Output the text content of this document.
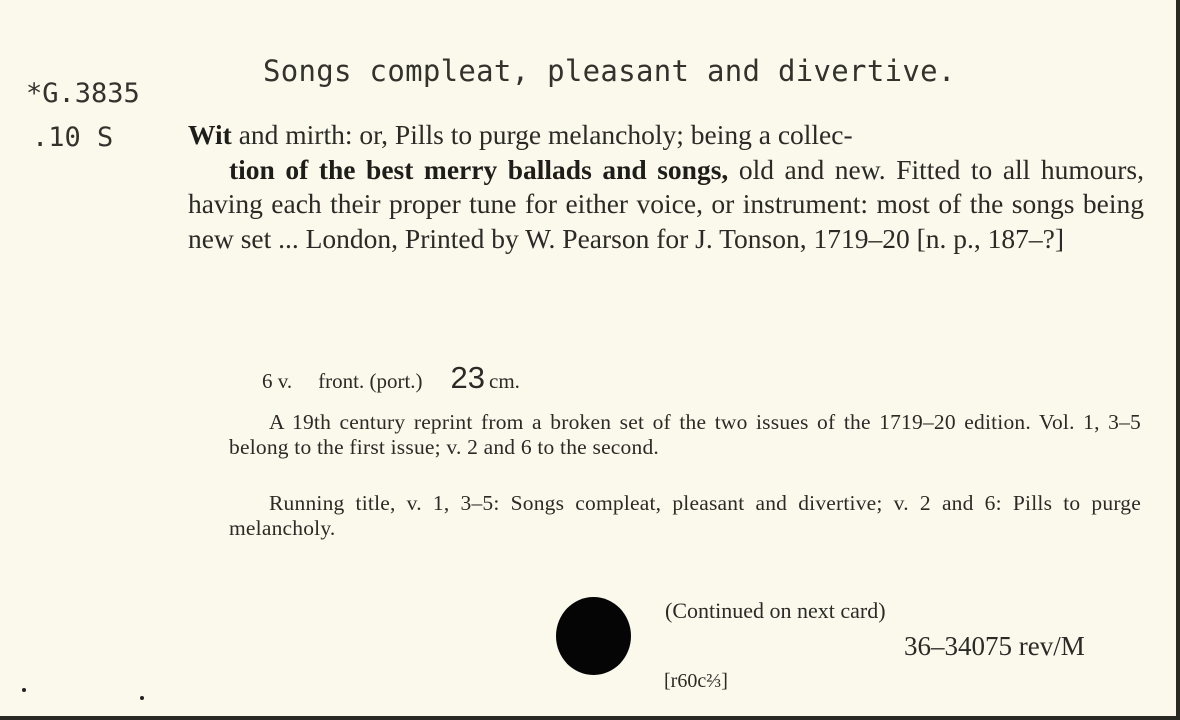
*G.3835
.10 S
Songs compleat, pleasant and divertive.
Wit and mirth: or, Pills to purge melancholy; being a collec-
tion of the best merry ballads and songs, old and new. Fitted to all humours, having each their proper tune for either voice, or instrument: most of the songs being new set ... London, Printed by W. Pearson for J. Tonson, 1719–20 [n. p., 187–?]
6 v. front. (port.) 23 cm.
A 19th century reprint from a broken set of the two issues of the 1719–20 edition. Vol. 1, 3–5 belong to the first issue; v. 2 and 6 to the second.
Running title, v. 1, 3–5: Songs compleat, pleasant and divertive; v. 2 and 6: Pills to purge melancholy.
(Continued on next card)
36–34075 rev/M
[r60c⅔]
